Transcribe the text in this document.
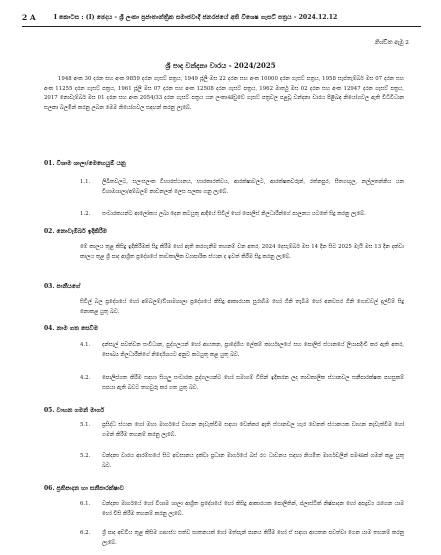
2 A	I කොටස : (I) ඡෙදය - ශ්‍රී ලංකා ප්‍රජාතාන්ත්‍රික සමාජවාදී ජනරජයේ අති විශෙෂ ගැසට් පත්‍රය - 2024.12.12
නිශ්චිත ඇමු 2
ශ්‍රී පාද වන්දනා වාරය - 2024/2025
1948 අංක 30 දරන සහ අංක 9859 දරන ගැසට් පත්‍රය, 1949 ජූලි මස 22 දරන සහ අංක 10000 දරන ගැසට් පත්‍රය, 1958 සැප්තැම්බර් මස 07 දරන සහ අංක 11255 දරන ගැසට් පත්‍රය, 1961 ජූලි මස 07 දරන සහ අංක 12508 දරන ගැසට් පත්‍රය, 1962 මාර්තු මස 02 දරන සහ අංක 12947 දරන ගැසට් පත්‍රය, 2017 නොවැම්බර් මස 01 දරන සහ අංක 2054/33 දරන ගැසට් පත්‍රය යන ලංකාණ්ඩුවේ ගැසට් පත්‍රවල පළවූ වන්දනා වාරය පිළිබඳ නියෝගවල ඇති විධිවිධාන සලකා බලමින් කරනු ලබන මෙම නියෝගවල සඳහන් කරනු ලැබේ.
01. විශාම ශාලා/මෙහෙයුම් යනු
1.1. ලිඛිතවලට, සලංසලංක විහාරස්ථානය, භාරකාරත්වය, ආරක්ෂාවලට, ආරක්ෂකවරුන්, රත්නපුර, සීතගඟුල, නල්ලතන්නිය යන විශාමශාලා/අම්බලම් නාවනලන් ලෙස සලකා ගනු ලැබේ.
1.2. සංචාරකයන්ට ආලෝකය ලබා දෙන කටයුතු ආදියේ සිවිල් හෝ පොලිස් නිලධාරීන්ගේ පාලනය යටතේ සිදු කරනු ලැබේ.
02. නොවැම්බර් ඉදිකිරීම
මේ කාලය තුළ කිසිදු ඉදිකිරීමක් සිදු කිරීම හෝ ඇති කරගැනීම තහනම් වන අතර, 2024 දෙසැම්බර් මස 14 දින සිට 2025 මැයි මස 13 දින දක්වා කාලය තුළ ශ්‍රී පාද ආශ්‍රිත ප්‍රදේශයේ තාවකාලික ව්‍යාපාරික ස්ථාන ද ඉවත් කිරීම සිදු කරනු ලැබේ.
03. පානීයගේ
සිවිල් බල ප්‍රදේශයේ හෝ අම්බලම්/විශාමශාලා ප්‍රදේශයේ කිසිදු ආකාරයක සුරාබීම හෝ ගිනි තැබීම හෝ අනවසර ගිනි ගොඩවල් දැල්වීම් සිදු නොකළ යුතු බව.
04. නාම ගත සෙවීම
4.1. දන්සැල් පවත්වන සංවිධාන, පුද්ගලයන් හෝ ආයතන, ප්‍රාදේශීය ලේකම් කාර්යාලයේ සහ පොලිස් ස්ථානයේ ලියාපදිංචි කර ඇති අතර, සෞඛ්‍ය නිලධාරීන්ගේ නිර්දේශයට අනුව කටයුතු කළ යුතු බව.
4.2. පොලිස්ගත කිරීම සඳහා සියලු සංචාරක පුද්ගලයන්ට හෝ සමාගම් විසින් ඉදිකරන ලද තාවකාලික ස්ථානවල සනීපාරක්ෂක පහසුකම් සපයා ඇති බවට තහවුරු කර ගත යුතු බව.
05. වාහන ගමන් මාර්ග
5.1. ප්‍රසිද්ධ ස්ථාන හෝ මහා මාර්ගයේ වාහන නැවැත්වීම සඳහා වෙන්කර ඇති ස්ථානවල හැර වෙනත් ස්ථානයක වාහන නැවැත්වීම හෝ ගමන් කිරීම තහනම් කරනු ලැබේ.
5.2. වන්දනා වාරය ආරම්භයේ සිට අවසානය දක්වා ප්‍රධාන මාර්ගයේ බස් රථ ධාවනය සඳහා නියමිත මාර්ගවලින් පමණක් ගමන් කළ යුතු බව.
06. ප්‍රතිපාදන හා සනීපාරක්ෂාව
6.1. වන්දනා මාර්ගයේ හෝ විශාම ශාලා ආශ්‍රිත ප්‍රදේශයේ හෝ කිසිදු ආකාරයක පොලිතින්, ප්ලාස්ටික් නිෂ්පාදන හෝ අපද්‍රව්‍ය රැගෙන යාම හෝ විසි කිරීම තහනම් කරනු ලැබේ.
6.2. ශ්‍රී පාද අඩවිය තුළ කිසිම ගෘහස්ථ සත්ව ඝාතනයක් හෝ මත්පැන් පානය කිරීම හෝ ඒ සඳහා ආයතන පවත්වා ගෙන යාම තහනම් කරනු ලැබේ.
